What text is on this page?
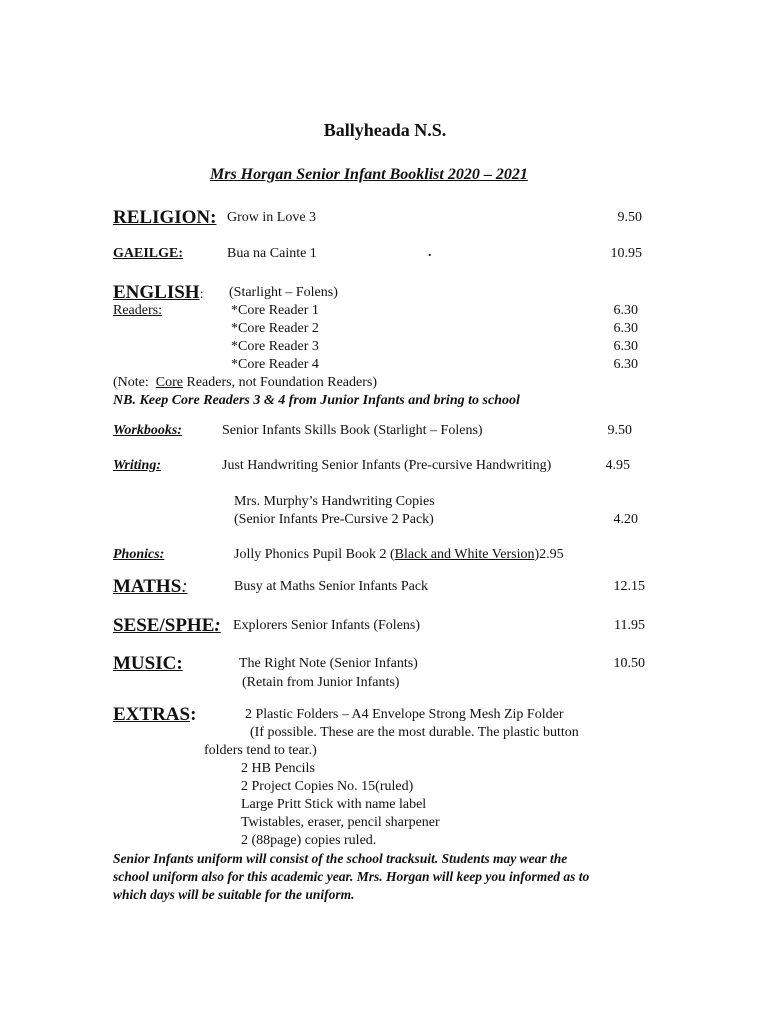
Ballyheada N.S.
Mrs Horgan Senior Infant Booklist 2020 – 2021
RELIGION: Grow in Love 3	9.50
GAEILGE:	Bua na Cainte 1	.	10.95
ENGLISH: (Starlight – Folens)
Readers:	*Core Reader 1	6.30
*Core Reader 2	6.30
*Core Reader 3	6.30
*Core Reader 4	6.30
(Note:  Core Readers, not Foundation Readers)
NB. Keep Core Readers 3 & 4 from Junior Infants and bring to school
Workbooks:	Senior Infants Skills Book (Starlight – Folens)	9.50
Writing:	Just Handwriting Senior Infants (Pre-cursive Handwriting)	4.95
Mrs. Murphy’s Handwriting Copies
(Senior Infants Pre-Cursive 2 Pack)	4.20
Phonics:	Jolly Phonics Pupil Book 2 (Black and White Version)2.95
MATHS:	Busy at Maths Senior Infants Pack	12.15
SESE/SPHE: Explorers Senior Infants (Folens)	11.95
MUSIC:	The Right Note (Senior Infants)	10.50
(Retain from Junior Infants)
EXTRAS:	2 Plastic Folders – A4 Envelope Strong Mesh Zip Folder
(If possible. These are the most durable. The plastic button
folders tend to tear.)
2 HB Pencils
2 Project Copies No. 15(ruled)
Large Pritt Stick with name label
Twistables, eraser, pencil sharpener
2 (88page) copies ruled.
Senior Infants uniform will consist of the school tracksuit. Students may wear the
school uniform also for this academic year. Mrs. Horgan will keep you informed as to
which days will be suitable for the uniform.
